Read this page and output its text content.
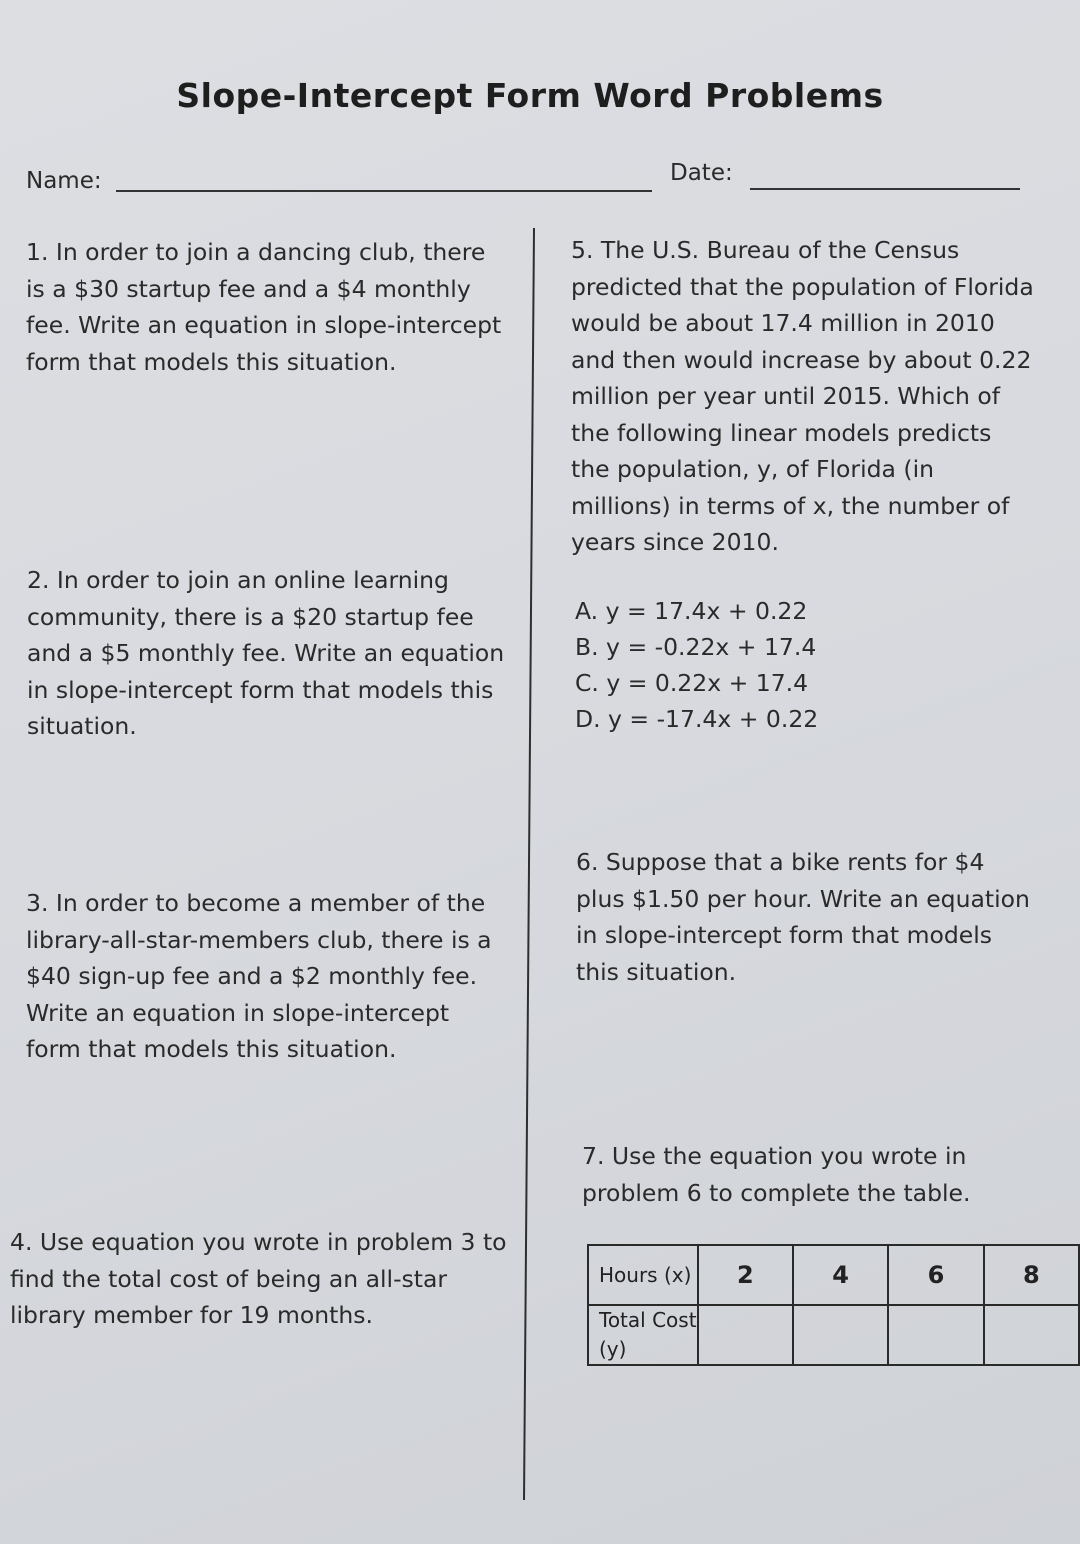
Slope-Intercept Form Word Problems
Name:	Date:
1. In order to join a dancing club, there is a $30 startup fee and a $4 monthly fee. Write an equation in slope-intercept form that models this situation.
2. In order to join an online learning community, there is a $20 startup fee and a $5 monthly fee. Write an equation in slope-intercept form that models this situation.
3. In order to become a member of the library-all-star-members club, there is a $40 sign-up fee and a $2 monthly fee. Write an equation in slope-intercept form that models this situation.
4. Use equation you wrote in problem 3 to find the total cost of being an all-star library member for 19 months.
5. The U.S. Bureau of the Census predicted that the population of Florida would be about 17.4 million in 2010 and then would increase by about 0.22 million per year until 2015. Which of the following linear models predicts the population, y, of Florida (in millions) in terms of x, the number of years since 2010.
A. y = 17.4x + 0.22
B. y = -0.22x + 17.4
C. y = 0.22x + 17.4
D. y = -17.4x + 0.22
6. Suppose that a bike rents for $4 plus $1.50 per hour. Write an equation in slope-intercept form that models this situation.
7. Use the equation you wrote in problem 6 to complete the table.
Hours (x)	2	4	6	8
Total Cost (y)				
